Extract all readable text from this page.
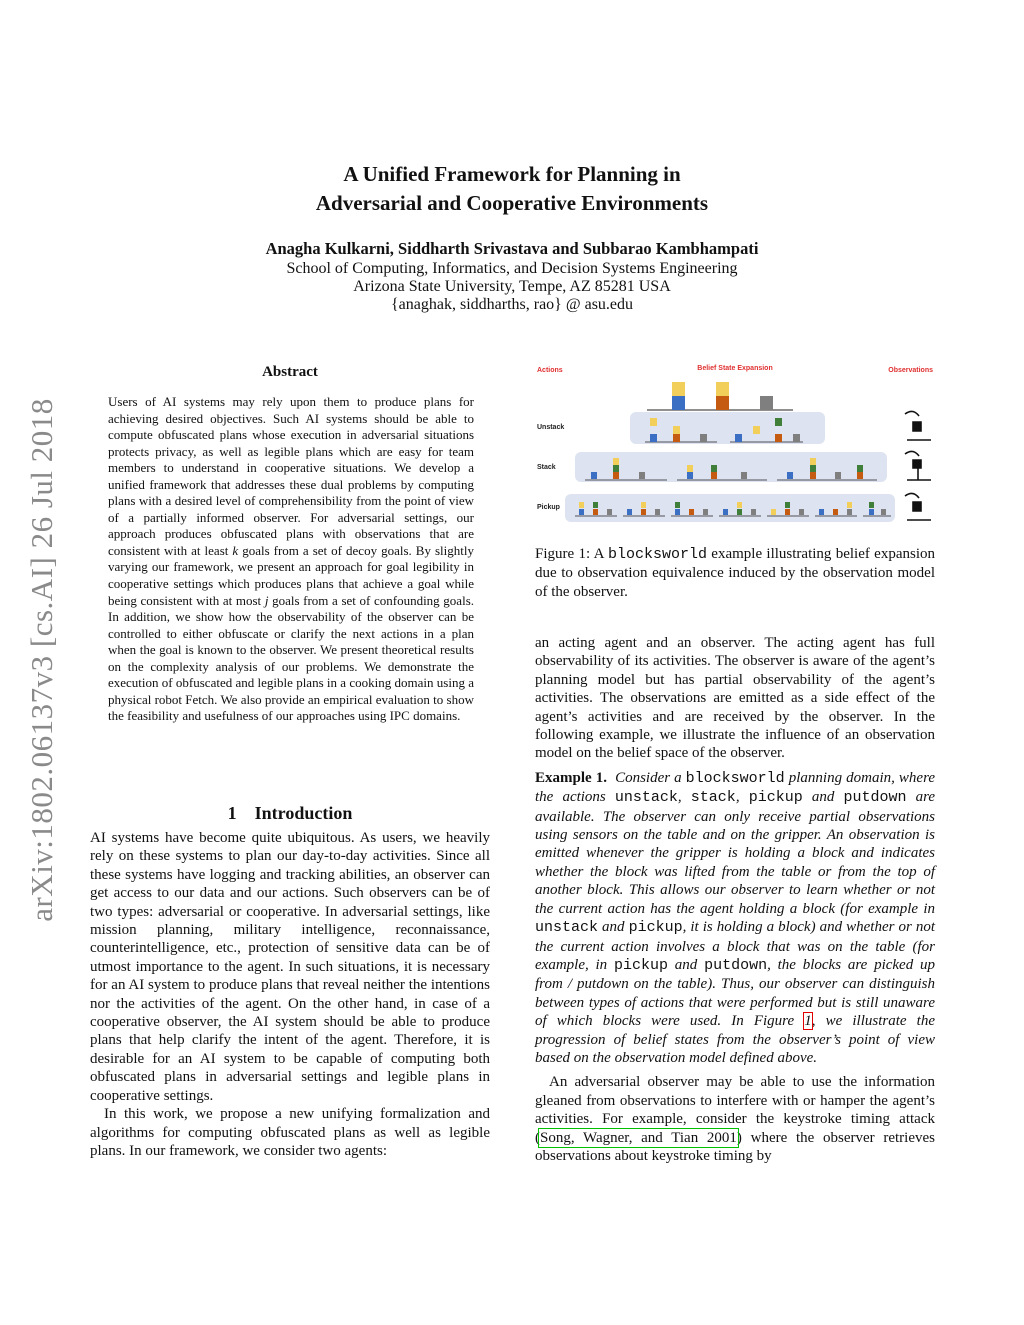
arXiv:1802.06137v3 [cs.AI] 26 Jul 2018
A Unified Framework for Planning in
Adversarial and Cooperative Environments
Anagha Kulkarni, Siddharth Srivastava and Subbarao Kambhampati
School of Computing, Informatics, and Decision Systems Engineering
Arizona State University, Tempe, AZ 85281 USA
{anaghak, siddharths, rao} @ asu.edu
Abstract
Users of AI systems may rely upon them to produce plans for achieving desired objectives. Such AI systems should be able to compute obfuscated plans whose execution in adversarial situations protects privacy, as well as legible plans which are easy for team members to understand in cooperative situations. We develop a unified framework that addresses these dual problems by computing plans with a desired level of comprehensibility from the point of view of a partially informed observer. For adversarial settings, our approach produces obfuscated plans with observations that are consistent with at least k goals from a set of decoy goals. By slightly varying our framework, we present an approach for goal legibility in cooperative settings which produces plans that achieve a goal while being consistent with at most j goals from a set of confounding goals. In addition, we show how the observability of the observer can be controlled to either obfuscate or clarify the next actions in a plan when the goal is known to the observer. We present theoretical results on the complexity analysis of our problems. We demonstrate the execution of obfuscated and legible plans in a cooking domain using a physical robot Fetch. We also provide an empirical evaluation to show the feasibility and usefulness of our approaches using IPC domains.
1 Introduction

AI systems have become quite ubiquitous. As users, we heavily rely on these systems to plan our day-to-day activities. Since all these systems have logging and tracking abilities, an observer can get access to our data and our actions. Such observers can be of two types: adversarial or cooperative. In adversarial settings, like mission planning, military intelligence, reconnaissance, counterintelligence, etc., protection of sensitive data can be of utmost importance to the agent. In such situations, it is necessary for an AI system to produce plans that reveal neither the intentions nor the activities of the agent. On the other hand, in case of a cooperative observer, the AI system should be able to produce plans that help clarify the intent of the agent. Therefore, it is desirable for an AI system to be capable of computing both obfuscated plans in adversarial settings and legible plans in cooperative settings.

In this work, we propose a new unifying formalization and algorithms for computing obfuscated plans as well as legible plans. In our framework, we consider two agents:

Actions	Belief State Expansion	Observations
Unstack
Stack
Pickup
Figure 1: A blocksworld example illustrating belief expansion due to observation equivalence induced by the observation model of the observer.

an acting agent and an observer. The acting agent has full observability of its activities. The observer is aware of the agent’s planning model but has partial observability of the agent’s activities. The observations are emitted as a side effect of the agent’s activities and are received by the observer. In the following example, we illustrate the influence of an observation model on the belief space of the observer.

Example 1. Consider a blocksworld planning domain, where the actions unstack, stack, pickup and putdown are available. The observer can only receive partial observations using sensors on the table and on the gripper. An observation is emitted whenever the gripper is holding a block and indicates whether the block was lifted from the table or from the top of another block. This allows our observer to learn whether or not the current action has the agent holding a block (for example in unstack and pickup, it is holding a block) and whether or not the current action involves a block that was on the table (for example, in pickup and putdown, the blocks are picked up from / putdown on the table). Thus, our observer can distinguish between types of actions that were performed but is still unaware of which blocks were used. In Figure 1, we illustrate the progression of belief states from the observer’s point of view based on the observation model defined above.

An adversarial observer may be able to use the information gleaned from observations to interfere with or hamper the agent’s activities. For example, consider the keystroke timing attack (Song, Wagner, and Tian 2001) where the observer retrieves observations about keystroke timing by
